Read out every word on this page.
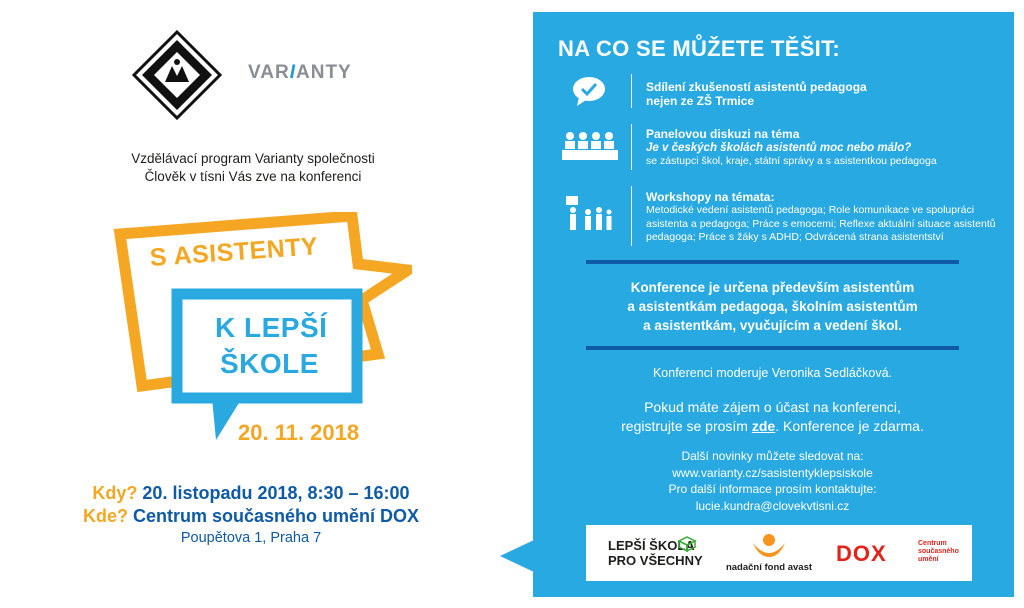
VARIANTY
Vzdělávací program Varianty společnosti
Člověk v tísni Vás zve na konferenci
S ASISTENTY
K LEPŠÍ
ŠKOLE
20. 11. 2018
Kdy? 20. listopadu 2018, 8:30 – 16:00
Kde? Centrum současného umění DOX
Poupětova 1, Praha 7
NA CO SE MŮŽETE TĚŠIT:
Sdílení zkušeností asistentů pedagoga
nejen ze ZŠ Trmice
Panelovou diskuzi na téma
Je v českých školách asistentů moc nebo málo?
se zástupci škol, kraje, státní správy a s asistentkou pedagoga
Workshopy na témata:
Metodické vedení asistentů pedagoga; Role komunikace ve spolupráci
asistenta a pedagoga; Práce s emocemi; Reflexe aktuální situace asistentů
pedagoga; Práce s žáky s ADHD; Odvrácená strana asistentství
Konference je určena především asistentům
a asistentkám pedagoga, školním asistentům
a asistentkám, vyučujícím a vedení škol.
Konferenci moderuje Veronika Sedláčková.
Pokud máte zájem o účast na konferenci,
registrujte se prosím zde. Konference je zdarma.
Další novinky můžete sledovat na:
www.varianty.cz/sasistentyklepsiskole
Pro další informace prosím kontaktujte:
lucie.kundra@clovekvtisni.cz
LEPŠÍ ŠKOLA
PRO VŠECHNY	nadační fond avast
DOX	Centrum
současného
umění
